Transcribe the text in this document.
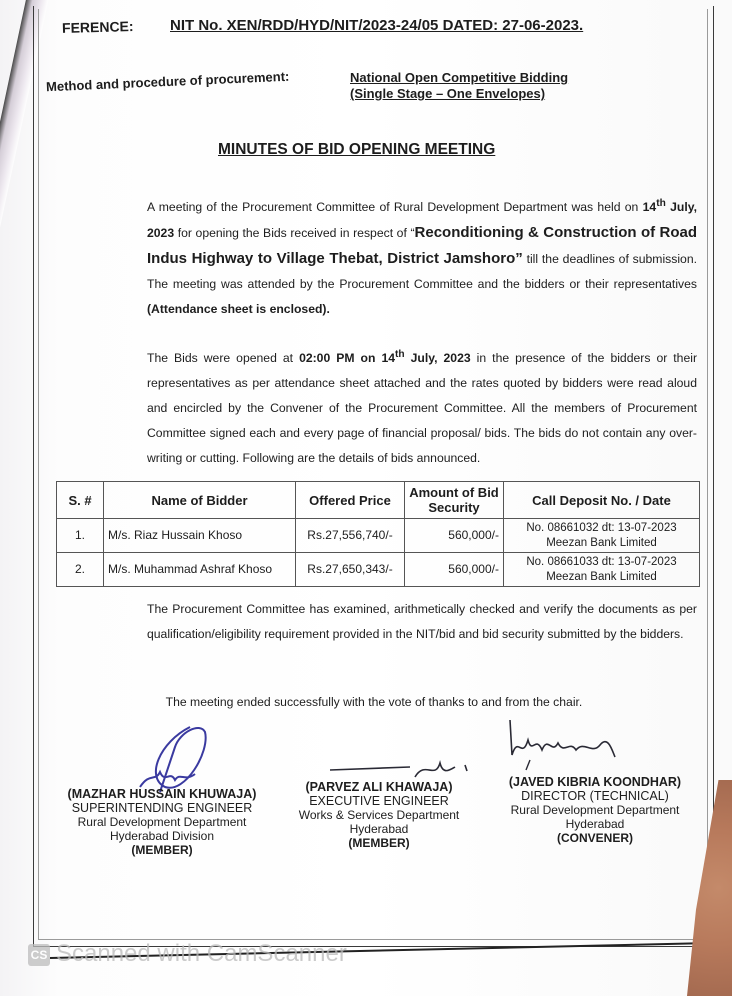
FERENCE: NIT No. XEN/RDD/HYD/NIT/2023-24/05 DATED: 27-06-2023.
Method and procedure of procurement:	National Open Competitive Bidding
(Single Stage – One Envelopes)
MINUTES OF BID OPENING MEETING

A meeting of the Procurement Committee of Rural Development Department was held on 14th July, 2023 for opening the Bids received in respect of “Reconditioning & Construction of Road Indus Highway to Village Thebat, District Jamshoro” till the deadlines of submission. The meeting was attended by the Procurement Committee and the bidders or their representatives (Attendance sheet is enclosed).

The Bids were opened at 02:00 PM on 14th July, 2023 in the presence of the bidders or their representatives as per attendance sheet attached and the rates quoted by bidders were read aloud and encircled by the Convener of the Procurement Committee. All the members of Procurement Committee signed each and every page of financial proposal/ bids. The bids do not contain any over-writing or cutting. Following are the details of bids announced.

S. #	Name of Bidder	Offered Price	Amount of Bid Security	Call Deposit No. / Date
1.	M/s. Riaz Hussain Khoso	Rs.27,556,740/-	560,000/-	No. 08661032 dt: 13-07-2023
Meezan Bank Limited

2.	M/s. Muhammad Ashraf Khoso	Rs.27,650,343/-	560,000/-	No. 08661033 dt: 13-07-2023
Meezan Bank Limited

The Procurement Committee has examined, arithmetically checked and verify the documents as per qualification/eligibility requirement provided in the NIT/bid and bid security submitted by the bidders.

The meeting ended successfully with the vote of thanks to and from the chair.

(MAZHAR HUSSAIN KHUWAJA)
SUPERINTENDING ENGINEER
Rural Development Department
Hyderabad Division
(MEMBER)
(PARVEZ ALI KHAWAJA)
EXECUTIVE ENGINEER
Works & Services Department
Hyderabad
(MEMBER)
(JAVED KIBRIA KOONDHAR)
DIRECTOR (TECHNICAL)
Rural Development Department
Hyderabad
(CONVENER)
CS Scanned with CamScanner
